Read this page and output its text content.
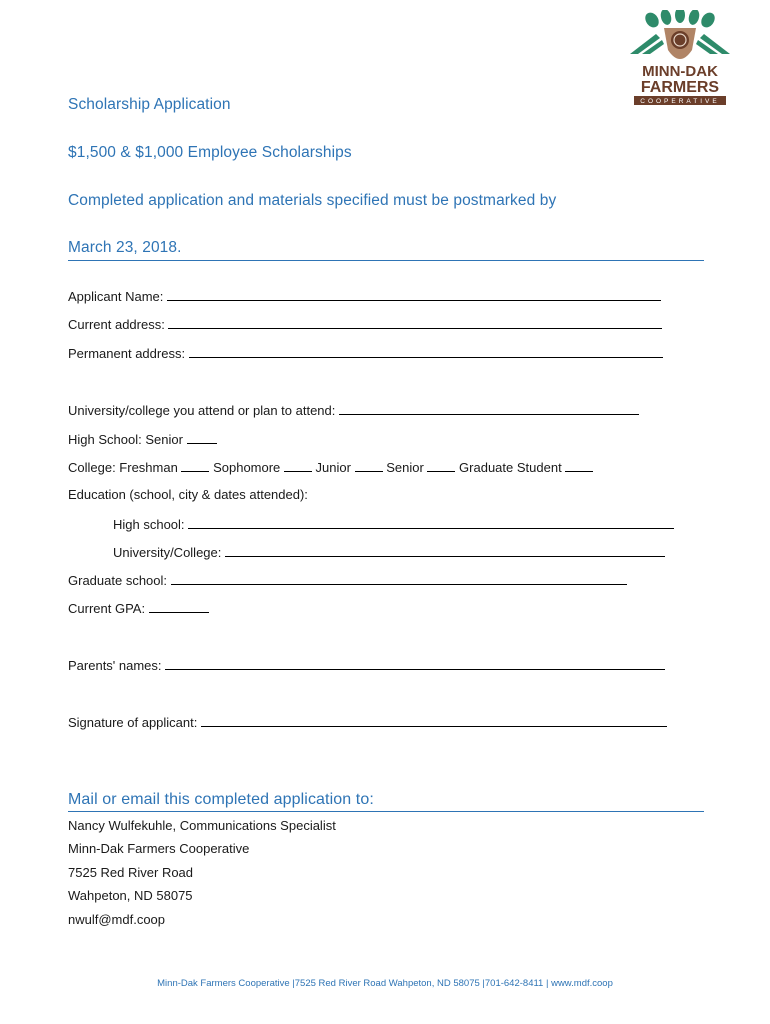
MINN-DAK
FARMERS
COOPERATIVE
Scholarship Application
$1,500 & $1,000 Employee Scholarships
Completed application and materials specified must be postmarked by
March 23, 2018.
Applicant Name:
Current address:
Permanent address:
University/college you attend or plan to attend:
High School: Senior
College: Freshman	Sophomore	Junior	Senior	Graduate Student
Education (school, city & dates attended):
High school:
University/College:
Graduate school:
Current GPA:
Parents' names:
Signature of applicant:
Mail or email this completed application to:
Nancy Wulfekuhle, Communications Specialist
Minn-Dak Farmers Cooperative
7525 Red River Road
Wahpeton, ND 58075
nwulf@mdf.coop
Minn-Dak Farmers Cooperative |7525 Red River Road Wahpeton, ND 58075 |701-642-8411 | www.mdf.coop
